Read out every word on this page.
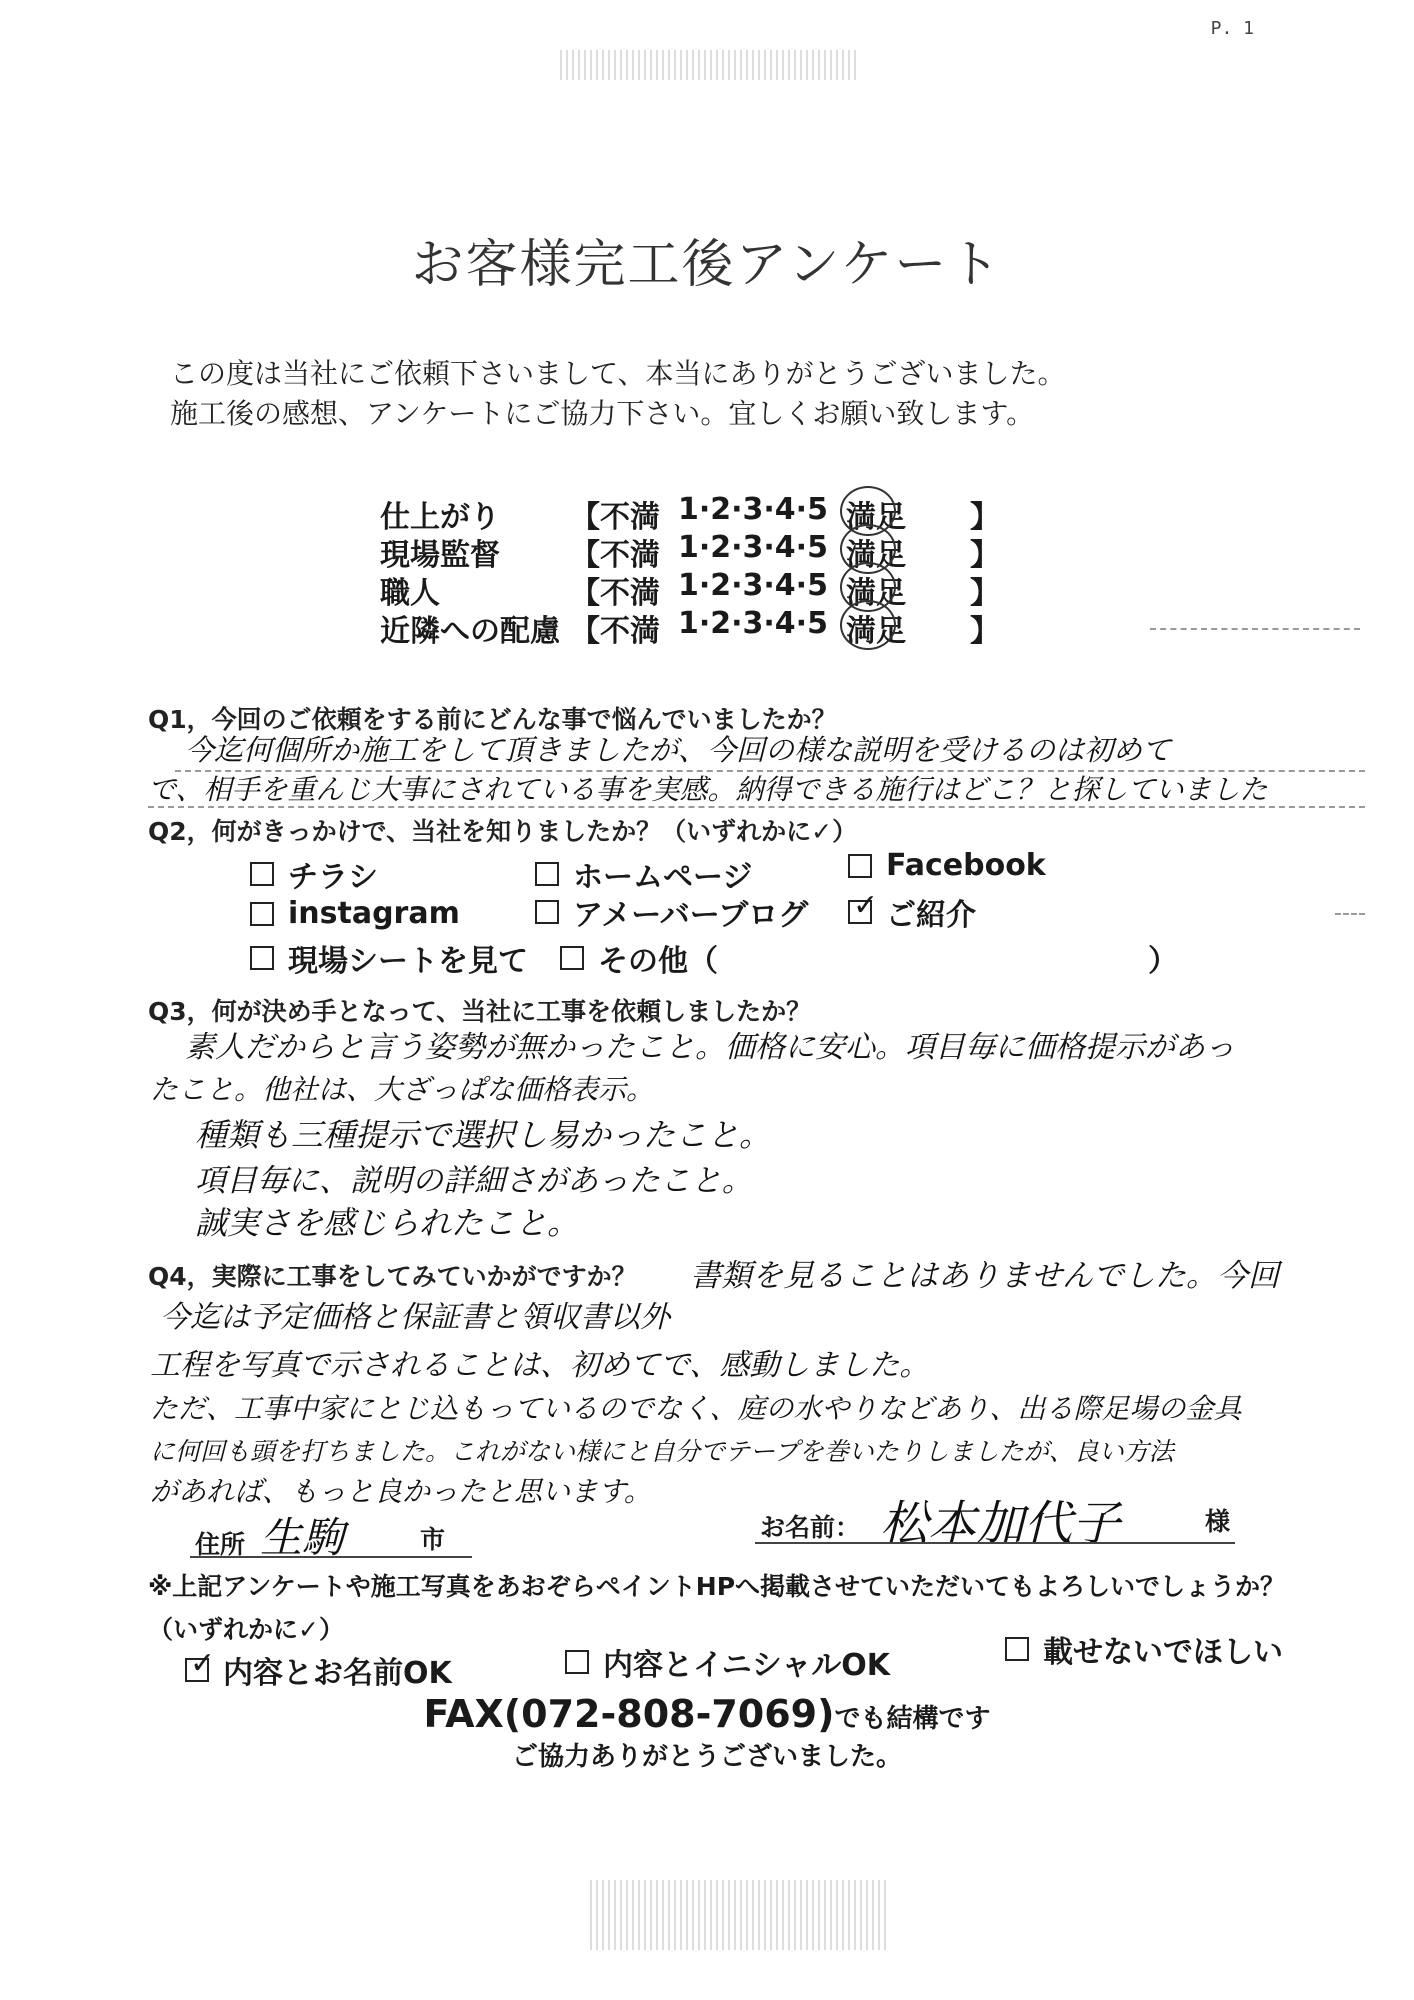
P. 1
お客様完工後アンケート
この度は当社にご依頼下さいまして、本当にありがとうございました。
施工後の感想、アンケートにご協力下さい。宜しくお願い致します。
仕上がり	【 不満 1·2·3·4·5 満足 】
現場監督	【 不満 1·2·3·4·5 満足 】
職人	【 不満 1·2·3·4·5 満足 】
近隣への配慮 【 不満 1·2·3·4·5 満足 】
Q1，今回のご依頼をする前にどんな事で悩んでいましたか？
今迄何個所か施工をして頂きましたが、今回の様な説明を受けるのは初めて
で、相手を重んじ大事にされている事を実感。納得できる施行はどこ？と探していました
Q2，何がきっかけで、当社を知りましたか？（いずれかに✓）
チラシ	ホームページ	Facebook
instagram	アメーバーブログ ✓ ご紹介
現場シートを見て その他（	）
Q3，何が決め手となって、当社に工事を依頼しましたか？
素人だからと言う姿勢が無かったこと。価格に安心。項目毎に価格提示があっ
たこと。他社は、大ざっぱな価格表示。
種類も三種提示で選択し易かったこと。
項目毎に、説明の詳細さがあったこと。
誠実さを感じられたこと。
Q4，実際に工事をしてみていかがですか？ 書類を見ることはありませんでした。今回
今迄は予定価格と保証書と領収書以外
工程を写真で示されることは、初めてで、感動しました。
ただ、工事中家にとじ込もっているのでなく、庭の水やりなどあり、出る際足場の金具
に何回も頭を打ちました。これがない様にと自分でテープを巻いたりしましたが、良い方法
があれば、もっと良かったと思います。
住所 生駒	市	お名前： 松本加代子	様
※上記アンケートや施工写真をあおぞらペイントHPへ掲載させていただいてもよろしいでしょうか？
（いずれかに✓）
✓ 内容とお名前OK	内容とイニシャルOK	載せないでほしい
FAX(072-808-7069)でも結構です
ご協力ありがとうございました。
